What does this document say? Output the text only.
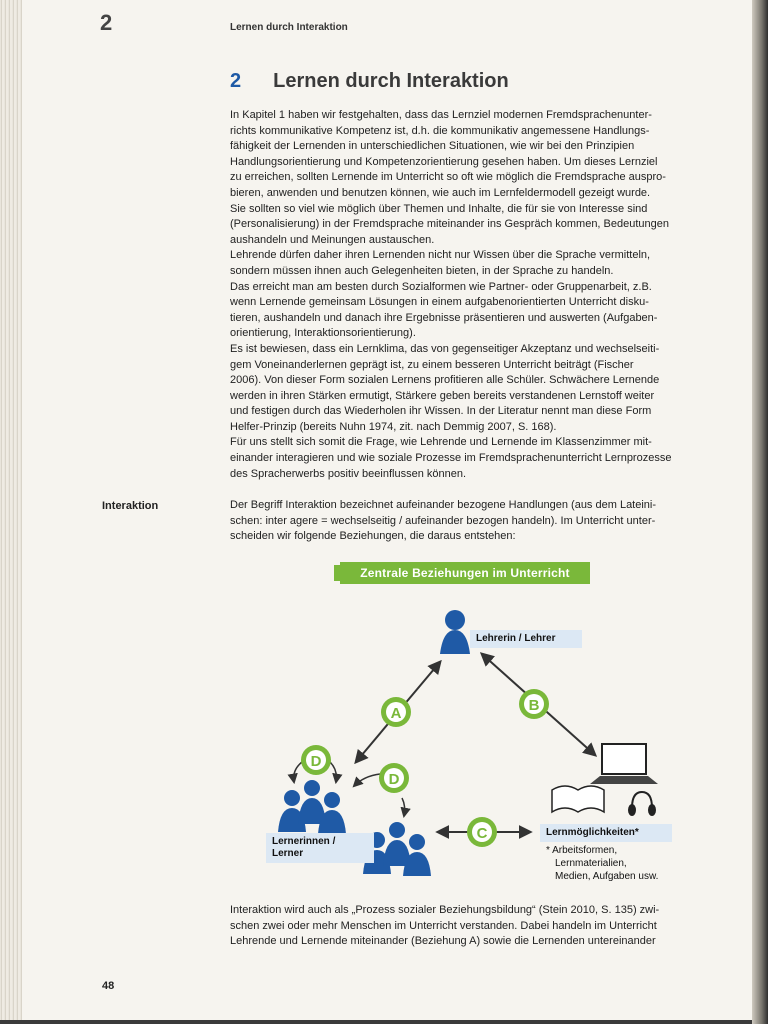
2	Lernen durch Interaktion
2 Lernen durch Interaktion
In Kapitel 1 haben wir festgehalten, dass das Lernziel modernen Fremdsprachenunter-
richts kommunikative Kompetenz ist, d.h. die kommunikativ angemessene Handlungs-
fähigkeit der Lernenden in unterschiedlichen Situationen, wie wir bei den Prinzipien
Handlungsorientierung und Kompetenzorientierung gesehen haben. Um dieses Lernziel
zu erreichen, sollten Lernende im Unterricht so oft wie möglich die Fremdsprache auspro-
bieren, anwenden und benutzen können, wie auch im Lernfeldermodell gezeigt wurde.
Sie sollten so viel wie möglich über Themen und Inhalte, die für sie von Interesse sind
(Personalisierung) in der Fremdsprache miteinander ins Gespräch kommen, Bedeutungen
aushandeln und Meinungen austauschen.
Lehrende dürfen daher ihren Lernenden nicht nur Wissen über die Sprache vermitteln,
sondern müssen ihnen auch Gelegenheiten bieten, in der Sprache zu handeln.
Das erreicht man am besten durch Sozialformen wie Partner- oder Gruppenarbeit, z.B.
wenn Lernende gemeinsam Lösungen in einem aufgabenorientierten Unterricht disku-
tieren, aushandeln und danach ihre Ergebnisse präsentieren und auswerten (Aufgaben-
orientierung, Interaktionsorientierung).
Es ist bewiesen, dass ein Lernklima, das von gegenseitiger Akzeptanz und wechselseiti-
gem Voneinanderlernen geprägt ist, zu einem besseren Unterricht beiträgt (Fischer
2006). Von dieser Form sozialen Lernens profitieren alle Schüler. Schwächere Lernende
werden in ihren Stärken ermutigt, Stärkere geben bereits verstandenen Lernstoff weiter
und festigen durch das Wiederholen ihr Wissen. In der Literatur nennt man diese Form
Helfer-Prinzip (bereits Nuhn 1974, zit. nach Demmig 2007, S. 168).
Für uns stellt sich somit die Frage, wie Lehrende und Lernende im Klassenzimmer mit-
einander interagieren und wie soziale Prozesse im Fremdsprachenunterricht Lernprozesse
des Spracherwerbs positiv beeinflussen können.
Interaktion	Der Begriff Interaktion bezeichnet aufeinander bezogene Handlungen (aus dem Lateini-
schen: inter agere = wechselseitig / aufeinander bezogen handeln). Im Unterricht unter-
scheiden wir folgende Beziehungen, die daraus entstehen:
Zentrale Beziehungen im Unterricht
A	B
C
D
D
Lehrerin / Lehrer
Lernerinnen / Lerner
Lernmöglichkeiten*
* Arbeitsformen,
Lernmaterialien,
Medien, Aufgaben usw.
Interaktion wird auch als „Prozess sozialer Beziehungsbildung“ (Stein 2010, S. 135) zwi-
schen zwei oder mehr Menschen im Unterricht verstanden. Dabei handeln im Unterricht
Lehrende und Lernende miteinander (Beziehung A) sowie die Lernenden untereinander
48
